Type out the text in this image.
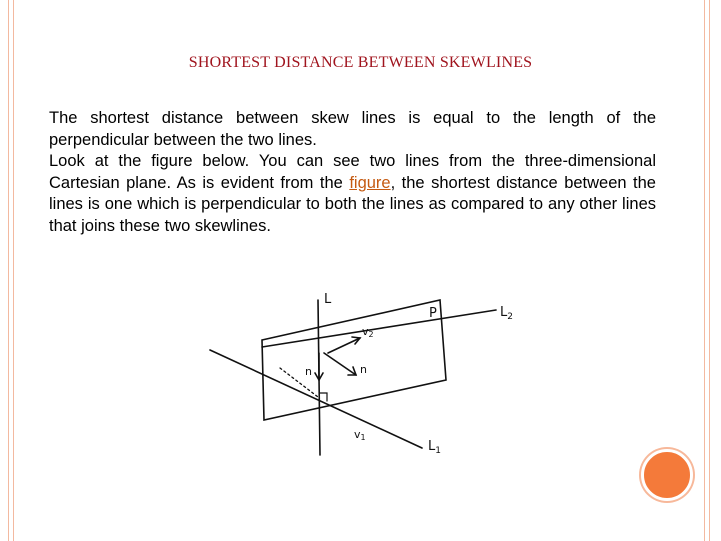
SHORTEST DISTANCE BETWEEN SKEWLINES

The shortest distance between skew lines is equal to the length of the perpendicular between the two lines.

Look at the figure below. You can see two lines from the three-dimensional Cartesian plane. As is evident from the figure, the shortest distance between the lines is one which is perpendicular to both the lines as compared to any other lines that joins these two skewlines.

L
P	$L_2$
$L_1$
v2
n
n
v1
